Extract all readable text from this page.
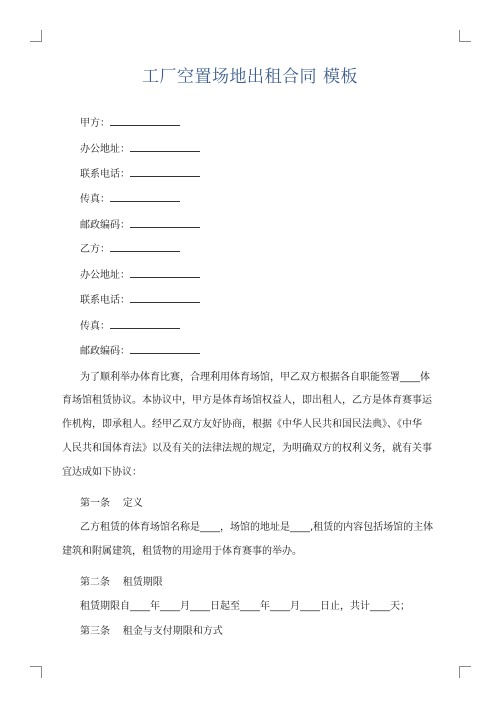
工厂空置场地出租合同 模板
甲方：
办公地址：
联系电话：
传真：
邮政编码：
乙方：
办公地址：
联系电话：
传真：
邮政编码：
为了顺利举办体育比赛，合理利用体育场馆，甲乙双方根据各自职能签署____体
育场馆租赁协议。本协议中，甲方是体育场馆权益人，即出租人，乙方是体育赛事运
作机构，即承租人。经甲乙双方友好协商，根据《中华人民共和国民法典》、《中华
人民共和国体育法》以及有关的法律法规的规定，为明确双方的权利义务，就有关事
宜达成如下协议：
第一条    定义
乙方租赁的体育场馆名称是____，场馆的地址是____,租赁的内容包括场馆的主体
建筑和附属建筑，租赁物的用途用于体育赛事的举办。
第二条    租赁期限
租赁期限自____年____月____日起至____年____月____日止，共计____天；
第三条    租金与支付期限和方式
